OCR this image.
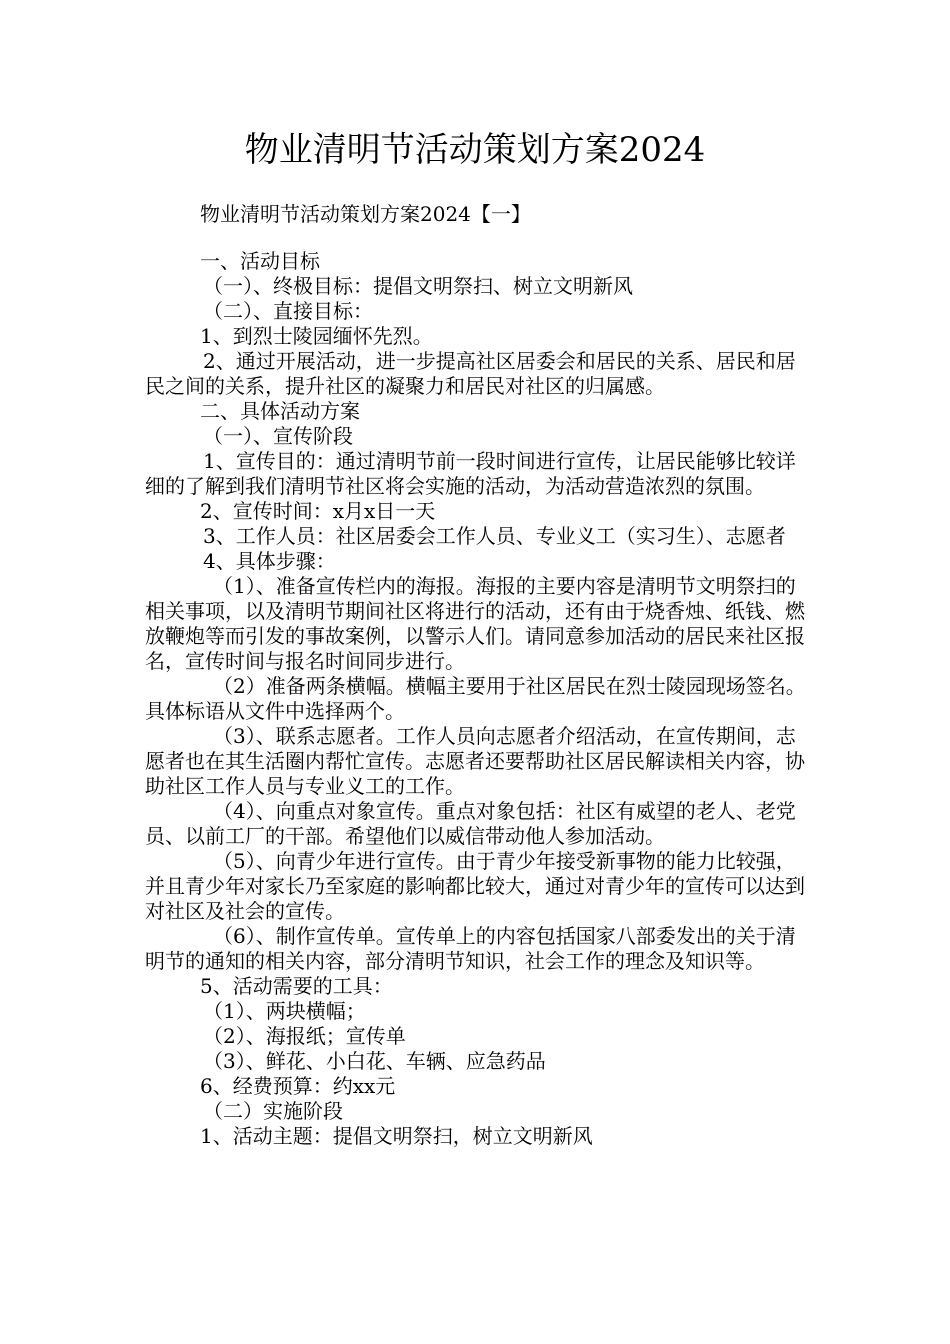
物业清明节活动策划方案2024
物业清明节活动策划方案2024【一】

一、活动目标

（一）、终极目标：提倡文明祭扫、树立文明新风

（二）、直接目标：

1、到烈士陵园缅怀先烈。

2、通过开展活动，进一步提高社区居委会和居民的关系、居民和居民之间的关系，提升社区的凝聚力和居民对社区的归属感。

二、具体活动方案

（一）、宣传阶段

1、宣传目的：通过清明节前一段时间进行宣传，让居民能够比较详细的了解到我们清明节社区将会实施的活动，为活动营造浓烈的氛围。

2、宣传时间：x月x日一天

3、工作人员：社区居委会工作人员、专业义工（实习生）、志愿者

4、具体步骤：

（1）、准备宣传栏内的海报。海报的主要内容是清明节文明祭扫的相关事项，以及清明节期间社区将进行的活动，还有由于烧香烛、纸钱、燃放鞭炮等而引发的事故案例，以警示人们。请同意参加活动的居民来社区报名，宣传时间与报名时间同步进行。

（2）准备两条横幅。横幅主要用于社区居民在烈士陵园现场签名。具体标语从文件中选择两个。

（3）、联系志愿者。工作人员向志愿者介绍活动，在宣传期间，志愿者也在其生活圈内帮忙宣传。志愿者还要帮助社区居民解读相关内容，协助社区工作人员与专业义工的工作。

（4）、向重点对象宣传。重点对象包括：社区有威望的老人、老党员、以前工厂的干部。希望他们以威信带动他人参加活动。

（5）、向青少年进行宣传。由于青少年接受新事物的能力比较强，并且青少年对家长乃至家庭的影响都比较大，通过对青少年的宣传可以达到对社区及社会的宣传。

（6）、制作宣传单。宣传单上的内容包括国家八部委发出的关于清明节的通知的相关内容，部分清明节知识，社会工作的理念及知识等。

5、活动需要的工具：

（1）、两块横幅；

（2）、海报纸；宣传单

（3）、鲜花、小白花、车辆、应急药品

6、经费预算：约xx元

（二）实施阶段

1、活动主题：提倡文明祭扫，树立文明新风
